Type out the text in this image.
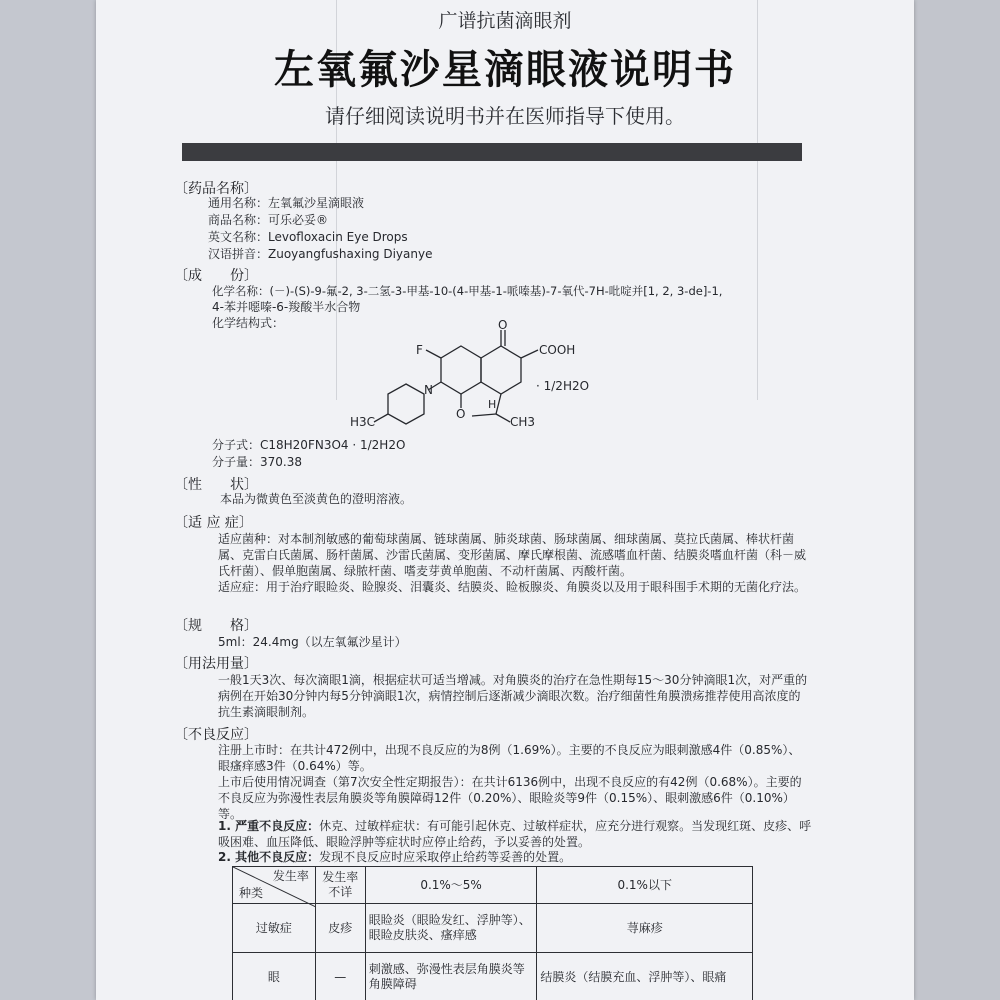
广谱抗菌滴眼剂
左氧氟沙星滴眼液说明书
请仔细阅读说明书并在医师指导下使用。
〔药品名称〕
通用名称：左氧氟沙星滴眼液
商品名称：可乐必妥®
英文名称：Levofloxacin Eye Drops
汉语拼音：Zuoyangfushaxing Diyanye
〔成　　份〕
化学名称：(－)-(S)-9-氟-2, 3-二氢-3-甲基-10-(4-甲基-1-哌嗪基)-7-氧代-7H-吡啶并[1, 2, 3-de]-1,
4-苯并噁嗪-6-羧酸半水合物
化学结构式：
F
O
COOH
N	· 1/2H2O
H3C
O
H
CH3
分子式：C18H20FN3O4 · 1/2H2O
分子量：370.38
〔性　　状〕
本品为微黄色至淡黄色的澄明溶液。
〔适 应 症〕
适应菌种：对本制剂敏感的葡萄球菌属、链球菌属、肺炎球菌、肠球菌属、细球菌属、莫拉氏菌属、棒状杆菌属、克雷白氏菌属、肠杆菌属、沙雷氏菌属、变形菌属、摩氏摩根菌、流感嗜血杆菌、结膜炎嗜血杆菌（科－威氏杆菌）、假单胞菌属、绿脓杆菌、嗜麦芽黄单胞菌、不动杆菌属、丙酸杆菌。
适应症：用于治疗眼睑炎、睑腺炎、泪囊炎、结膜炎、睑板腺炎、角膜炎以及用于眼科围手术期的无菌化疗法。
〔规　　格〕
5ml：24.4mg（以左氧氟沙星计）
〔用法用量〕
一般1天3次、每次滴眼1滴，根据症状可适当增减。对角膜炎的治疗在急性期每15～30分钟滴眼1次，对严重的病例在开始30分钟内每5分钟滴眼1次，病情控制后逐渐减少滴眼次数。治疗细菌性角膜溃疡推荐使用高浓度的抗生素滴眼制剂。
〔不良反应〕
注册上市时：在共计472例中，出现不良反应的为8例（1.69%）。主要的不良反应为眼刺激感4件（0.85%）、眼瘙痒感3件（0.64%）等。
上市后使用情况调查（第7次安全性定期报告）：在共计6136例中，出现不良反应的有42例（0.68%）。主要的不良反应为弥漫性表层角膜炎等角膜障碍12件（0.20%）、眼睑炎等9件（0.15%）、眼刺激感6件（0.10%）等。
1. 严重不良反应：休克、过敏样症状：有可能引起休克、过敏样症状，应充分进行观察。当发现红斑、皮疹、呼吸困难、血压降低、眼睑浮肿等症状时应停止给药，予以妥善的处置。
2. 其他不良反应：发现不良反应时应采取停止给药等妥善的处置。
发生率
种类	发生率不详	0.1%～5%	0.1%以下
过敏症	皮疹	眼睑炎（眼睑发红、浮肿等）、眼睑皮肤炎、瘙痒感	荨麻疹
眼	—	刺激感、弥漫性表层角膜炎等角膜障碍	结膜炎（结膜充血、浮肿等）、眼痛
